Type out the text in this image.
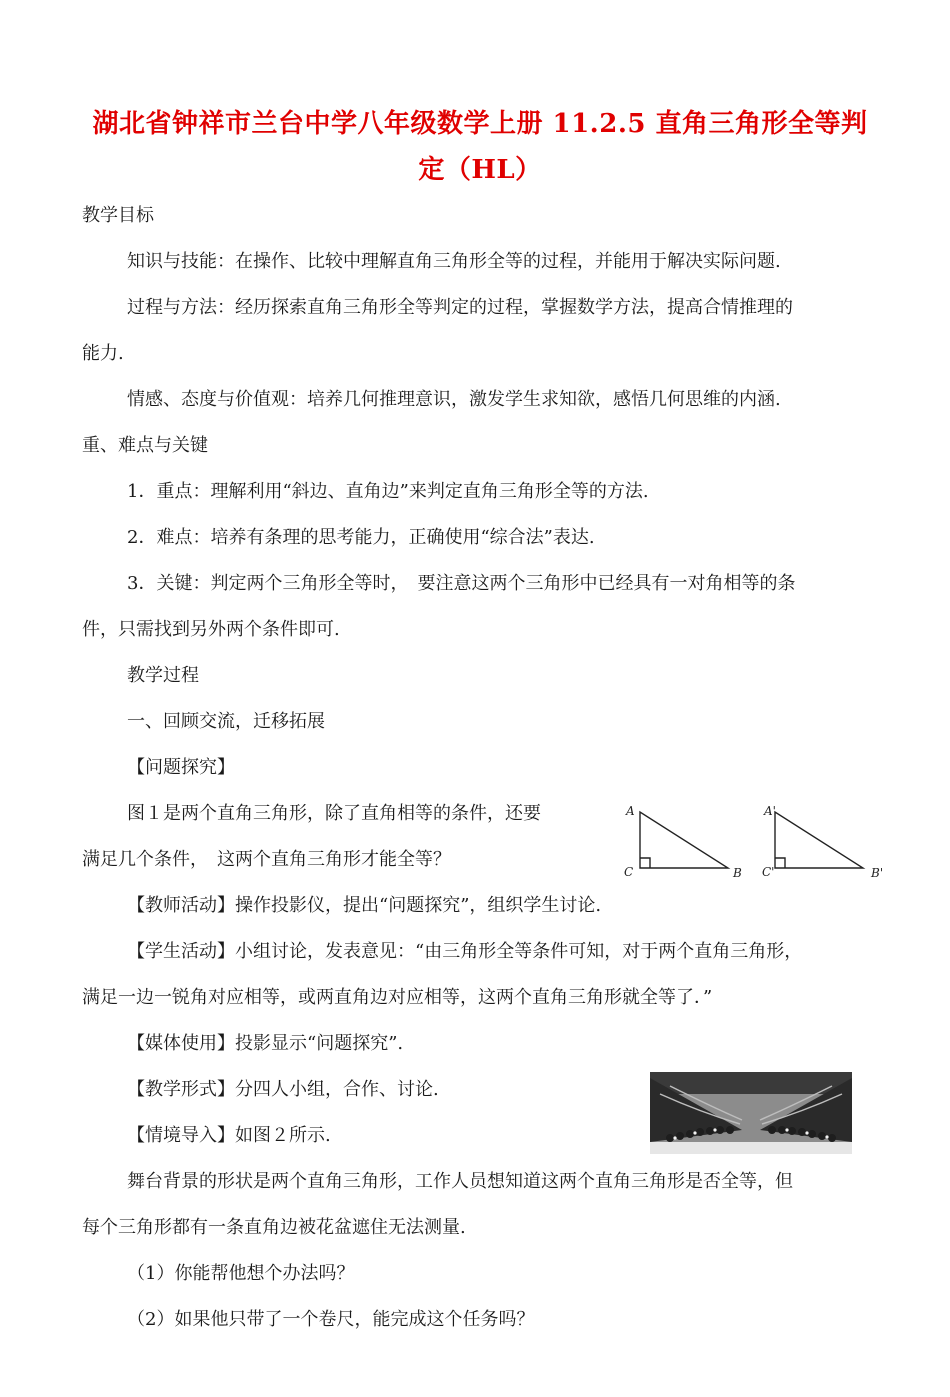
湖北省钟祥市兰台中学八年级数学上册 11.2.5 直角三角形全等判
定（HL）
教学目标
知识与技能：在操作、比较中理解直角三角形全等的过程，并能用于解决实际问题.
过程与方法：经历探索直角三角形全等判定的过程，掌握数学方法，提高合情推理的
能力.
情感、态度与价值观：培养几何推理意识，激发学生求知欲，感悟几何思维的内涵.
重、难点与关键
1．重点：理解利用“斜边、直角边”来判定直角三角形全等的方法.
2．难点：培养有条理的思考能力，正确使用“综合法”表达.
3．关键：判定两个三角形全等时，　要注意这两个三角形中已经具有一对角相等的条
件，只需找到另外两个条件即可.
教学过程
一、回顾交流，迁移拓展
【问题探究】
图１是两个直角三角形，除了直角相等的条件，还要
满足几个条件，　这两个直角三角形才能全等？
【教师活动】操作投影仪，提出“问题探究”，组织学生讨论.
【学生活动】小组讨论，发表意见：“由三角形全等条件可知，对于两个直角三角形，
满足一边一锐角对应相等，或两直角边对应相等，这两个直角三角形就全等了．”
【媒体使用】投影显示“问题探究”.
【教学形式】分四人小组，合作、讨论.
【情境导入】如图２所示.
舞台背景的形状是两个直角三角形，工作人员想知道这两个直角三角形是否全等，但
每个三角形都有一条直角边被花盆遮住无法测量.
（1）你能帮他想个办法吗？
（2）如果他只带了一个卷尺，能完成这个任务吗？
A
C	B
A'
C'	B'
